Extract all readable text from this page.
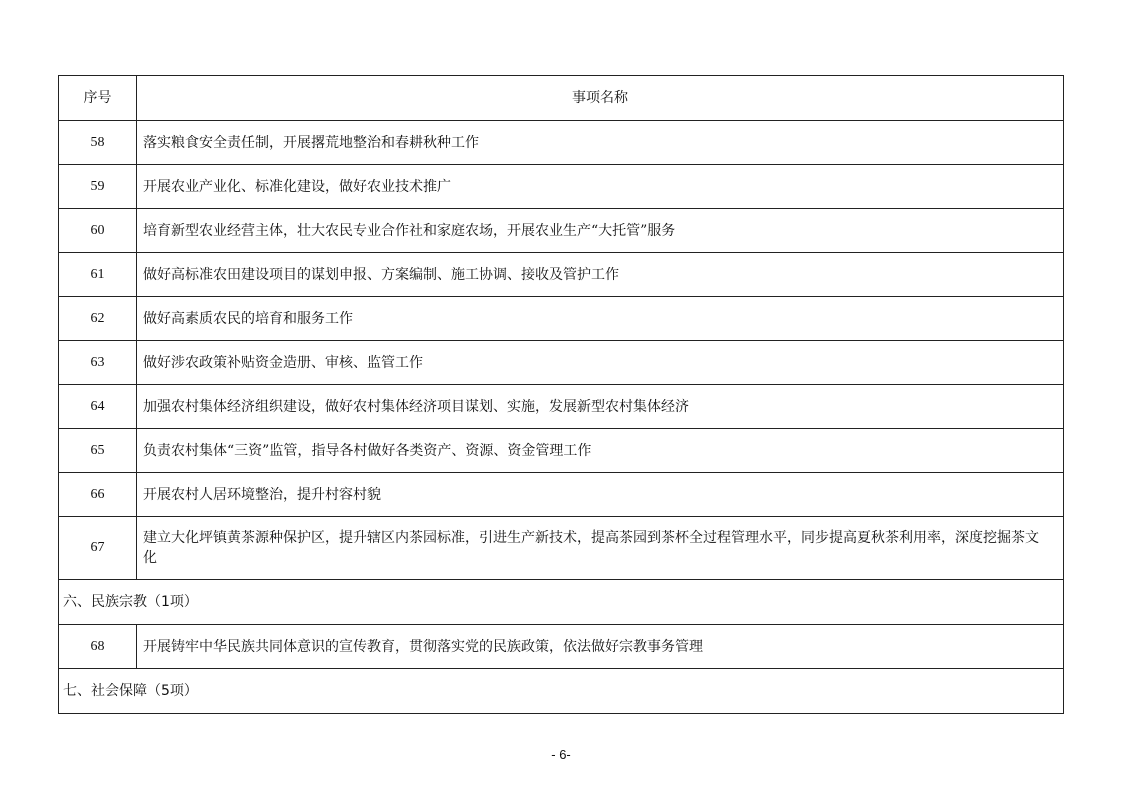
序号	事项名称
58	落实粮食安全责任制，开展撂荒地整治和春耕秋种工作
59	开展农业产业化、标准化建设，做好农业技术推广
60	培育新型农业经营主体，壮大农民专业合作社和家庭农场，开展农业生产“大托管”服务
61	做好高标准农田建设项目的谋划申报、方案编制、施工协调、接收及管护工作
62	做好高素质农民的培育和服务工作
63	做好涉农政策补贴资金造册、审核、监管工作
64	加强农村集体经济组织建设，做好农村集体经济项目谋划、实施，发展新型农村集体经济
65	负责农村集体“三资”监管，指导各村做好各类资产、资源、资金管理工作
66	开展农村人居环境整治，提升村容村貌
67	建立大化坪镇黄茶源种保护区，提升辖区内茶园标准，引进生产新技术，提高茶园到茶杯全过程管理水平，同步提高夏秋茶利用率，深度挖掘茶文化
六、民族宗教（1项）	
68	开展铸牢中华民族共同体意识的宣传教育，贯彻落实党的民族政策，依法做好宗教事务管理
七、社会保障（5项）	
- 6-
